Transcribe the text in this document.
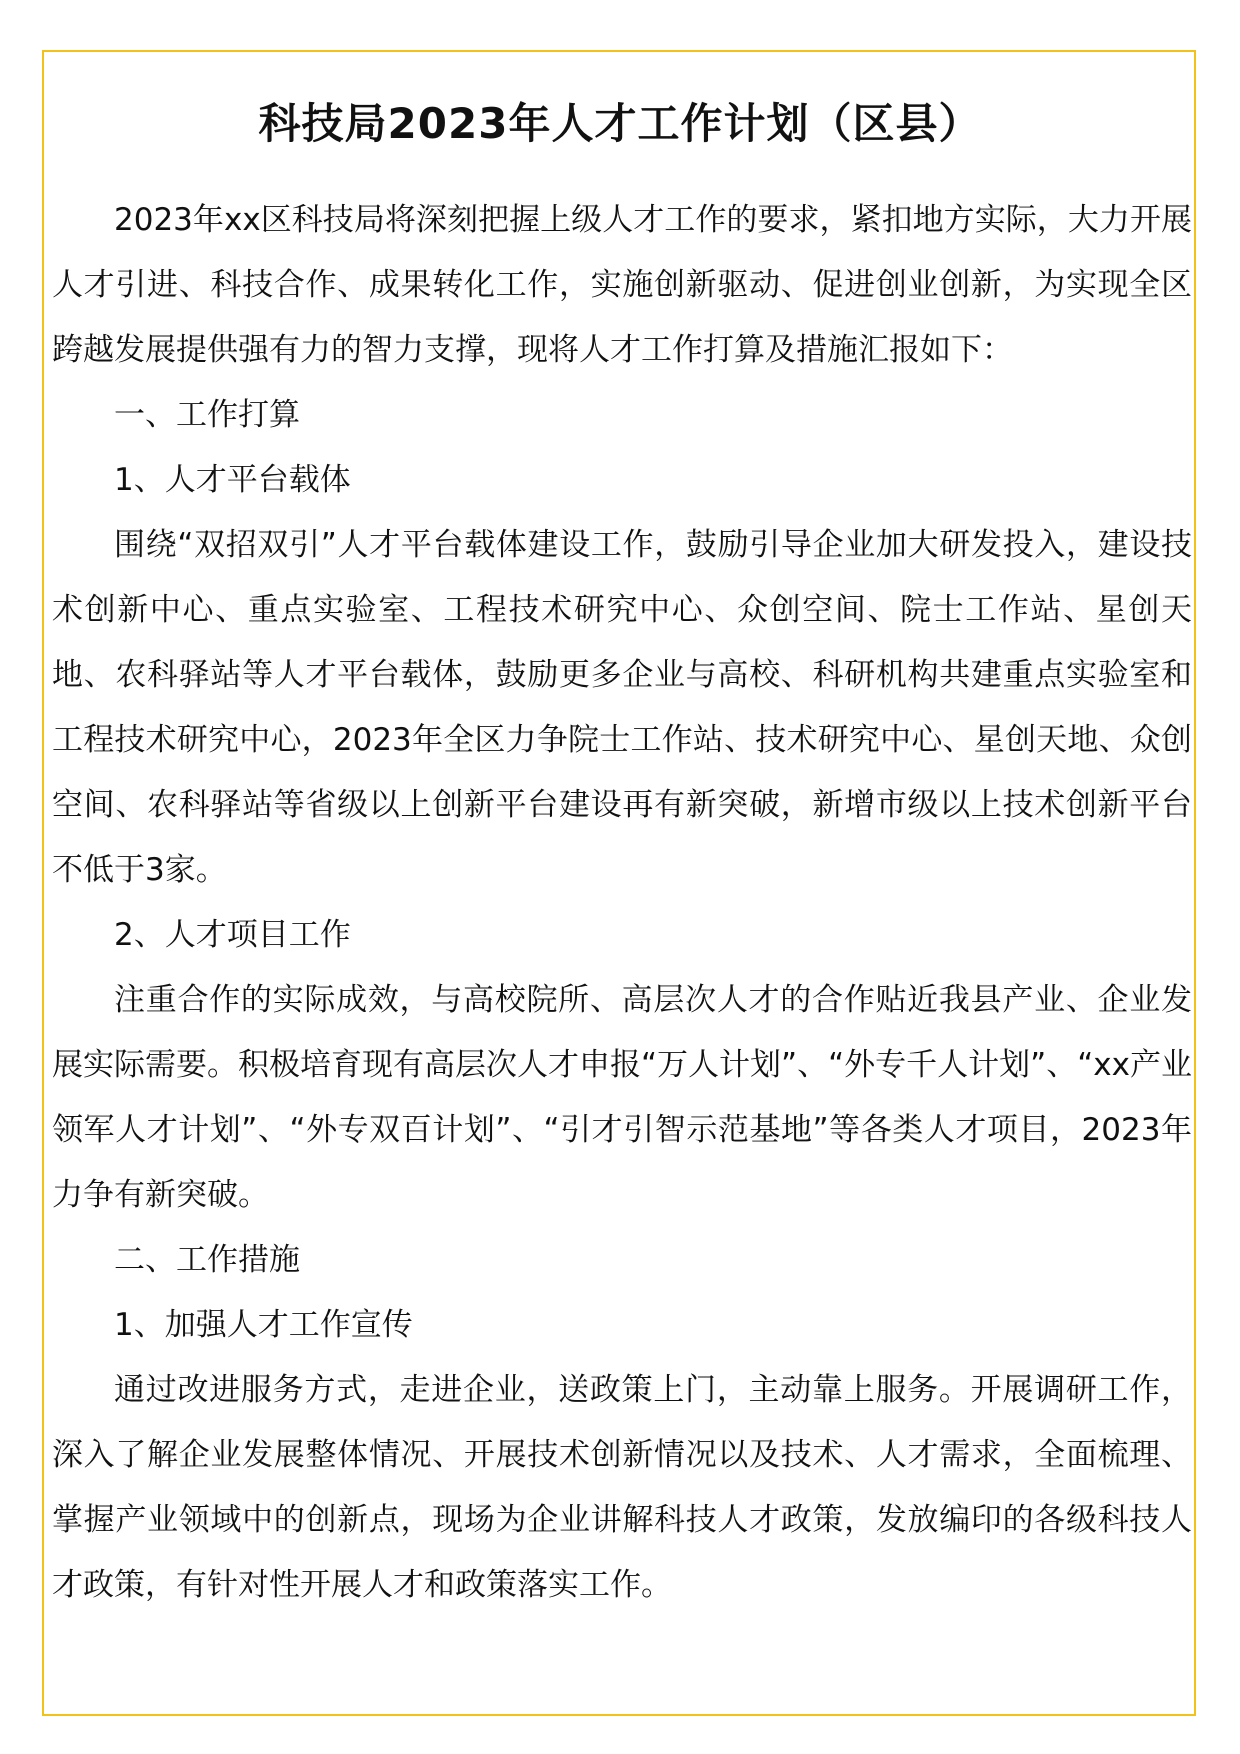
科技局2023年人才工作计划（区县）

2023年xx区科技局将深刻把握上级人才工作的要求，紧扣地方实际，大力开展人才引进、科技合作、成果转化工作，实施创新驱动、促进创业创新，为实现全区跨越发展提供强有力的智力支撑，现将人才工作打算及措施汇报如下：

一、工作打算

1、人才平台载体

围绕“双招双引”人才平台载体建设工作，鼓励引导企业加大研发投入，建设技术创新中心、重点实验室、工程技术研究中心、众创空间、院士工作站、星创天地、农科驿站等人才平台载体，鼓励更多企业与高校、科研机构共建重点实验室和工程技术研究中心，2023年全区力争院士工作站、技术研究中心、星创天地、众创空间、农科驿站等省级以上创新平台建设再有新突破，新增市级以上技术创新平台不低于3家。

2、人才项目工作

注重合作的实际成效，与高校院所、高层次人才的合作贴近我县产业、企业发展实际需要。积极培育现有高层次人才申报“万人计划”、“外专千人计划”、“xx产业领军人才计划”、“外专双百计划”、“引才引智示范基地”等各类人才项目，2023年力争有新突破。

二、工作措施

1、加强人才工作宣传

通过改进服务方式，走进企业，送政策上门，主动靠上服务。开展调研工作，深入了解企业发展整体情况、开展技术创新情况以及技术、人才需求，全面梳理、掌握产业领域中的创新点，现场为企业讲解科技人才政策，发放编印的各级科技人才政策，有针对性开展人才和政策落实工作。
